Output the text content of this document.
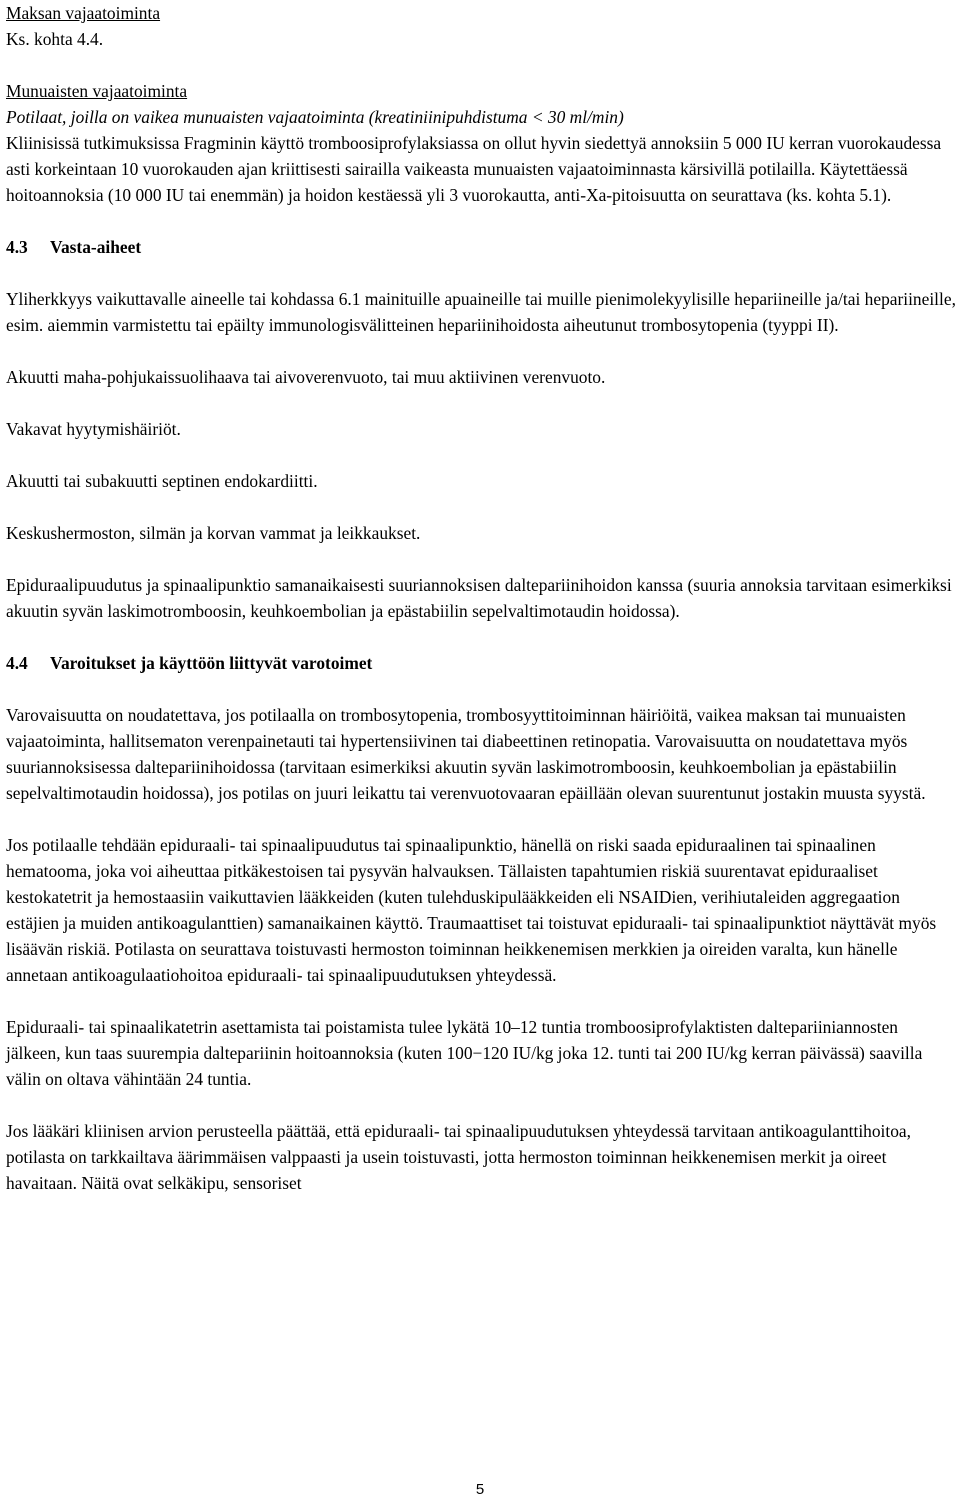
Maksan vajaatoiminta

Ks. kohta 4.4.

Munuaisten vajaatoiminta

Potilaat, joilla on vaikea munuaisten vajaatoiminta (kreatiniinipuhdistuma < 30 ml/min)

Kliinisissä tutkimuksissa Fragminin käyttö tromboosiprofylaksiassa on ollut hyvin siedettyä annoksiin 5 000 IU kerran vuorokaudessa asti korkeintaan 10 vuorokauden ajan kriittisesti sairailla vaikeasta munuaisten vajaatoiminnasta kärsivillä potilailla. Käytettäessä hoitoannoksia (10 000 IU tai enemmän) ja hoidon kestäessä yli 3 vuorokautta, anti-Xa-pitoisuutta on seurattava (ks. kohta 5.1).

4.3 Vasta-aiheet

Yliherkkyys vaikuttavalle aineelle tai kohdassa 6.1 mainituille apuaineille tai muille pienimolekyylisille hepariineille ja/tai hepariineille, esim. aiemmin varmistettu tai epäilty immunologisvälitteinen hepariinihoidosta aiheutunut trombosytopenia (tyyppi II).

Akuutti maha-pohjukaissuolihaava tai aivoverenvuoto, tai muu aktiivinen verenvuoto.

Vakavat hyytymishäiriöt.

Akuutti tai subakuutti septinen endokardiitti.

Keskushermoston, silmän ja korvan vammat ja leikkaukset.

Epiduraalipuudutus ja spinaalipunktio samanaikaisesti suuriannoksisen daltepariinihoidon kanssa (suuria annoksia tarvitaan esimerkiksi akuutin syvän laskimotromboosin, keuhkoembolian ja epästabiilin sepelvaltimotaudin hoidossa).

4.4 Varoitukset ja käyttöön liittyvät varotoimet

Varovaisuutta on noudatettava, jos potilaalla on trombosytopenia, trombosyyttitoiminnan häiriöitä, vaikea maksan tai munuaisten vajaatoiminta, hallitsematon verenpainetauti tai hypertensiivinen tai diabeettinen retinopatia. Varovaisuutta on noudatettava myös suuriannoksisessa daltepariinihoidossa (tarvitaan esimerkiksi akuutin syvän laskimotromboosin, keuhkoembolian ja epästabiilin sepelvaltimotaudin hoidossa), jos potilas on juuri leikattu tai verenvuotovaaran epäillään olevan suurentunut jostakin muusta syystä.

Jos potilaalle tehdään epiduraali- tai spinaalipuudutus tai spinaalipunktio, hänellä on riski saada epiduraalinen tai spinaalinen hematooma, joka voi aiheuttaa pitkäkestoisen tai pysyvän halvauksen. Tällaisten tapahtumien riskiä suurentavat epiduraaliset kestokatetrit ja hemostaasiin vaikuttavien lääkkeiden (kuten tulehduskipulääkkeiden eli NSAIDien, verihiutaleiden aggregaation estäjien ja muiden antikoagulanttien) samanaikainen käyttö. Traumaattiset tai toistuvat epiduraali- tai spinaalipunktiot näyttävät myös lisäävän riskiä. Potilasta on seurattava toistuvasti hermoston toiminnan heikkenemisen merkkien ja oireiden varalta, kun hänelle annetaan antikoagulaatiohoitoa epiduraali- tai spinaalipuudutuksen yhteydessä.

Epiduraali- tai spinaalikatetrin asettamista tai poistamista tulee lykätä 10–12 tuntia tromboosiprofylaktisten daltepariiniannosten jälkeen, kun taas suurempia daltepariinin hoitoannoksia (kuten 100−120 IU/kg joka 12. tunti tai 200 IU/kg kerran päivässä) saavilla välin on oltava vähintään 24 tuntia.

Jos lääkäri kliinisen arvion perusteella päättää, että epiduraali- tai spinaalipuudutuksen yhteydessä tarvitaan antikoagulanttihoitoa, potilasta on tarkkailtava äärimmäisen valppaasti ja usein toistuvasti, jotta hermoston toiminnan heikkenemisen merkit ja oireet havaitaan. Näitä ovat selkäkipu, sensoriset

5
